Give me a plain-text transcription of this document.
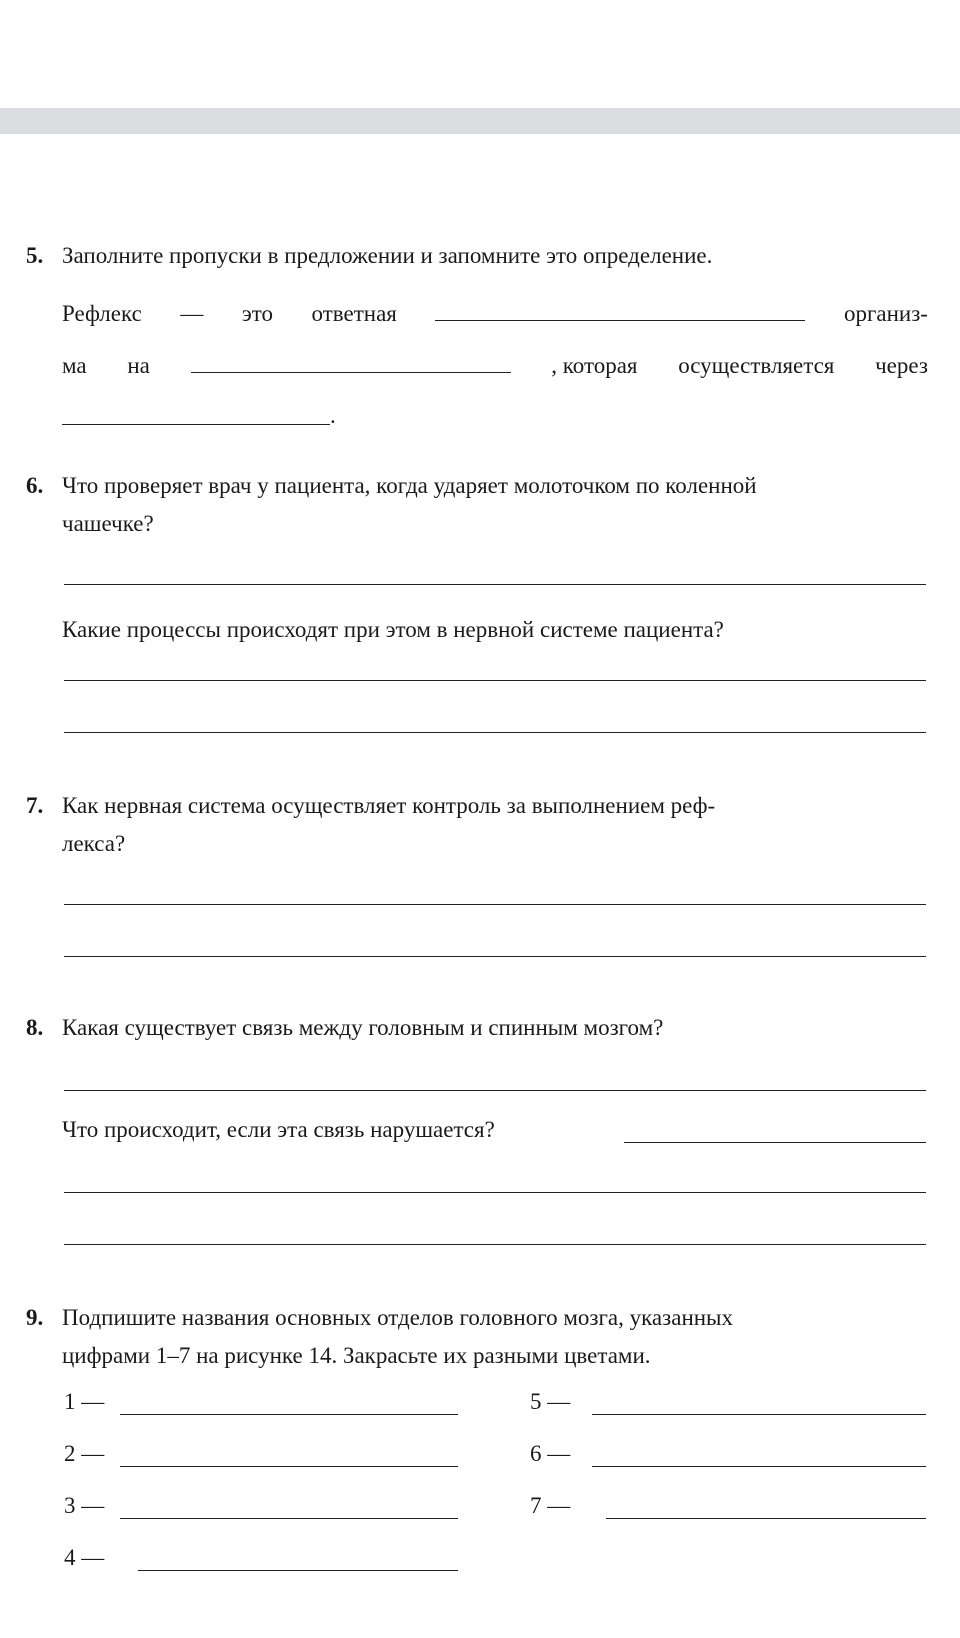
5. Заполните пропуски в предложении и запомните это определение.
Рефлекс — это ответная	организ-
ма на	, которая осуществляется через
.
6. Что проверяет врач у пациента, когда ударяет молоточком по коленной
чашечке?
Какие процессы происходят при этом в нервной системе пациента?
7. Как нервная система осуществляет контроль за выполнением реф-
лекса?
8. Какая существует связь между головным и спинным мозгом?
Что происходит, если эта связь нарушается?
9. Подпишите названия основных отделов головного мозга, указанных
цифрами 1–7 на рисунке 14. Закрасьте их разными цветами.
1 —
2 —
3 —
4 —
5 —
6 —
7 —
